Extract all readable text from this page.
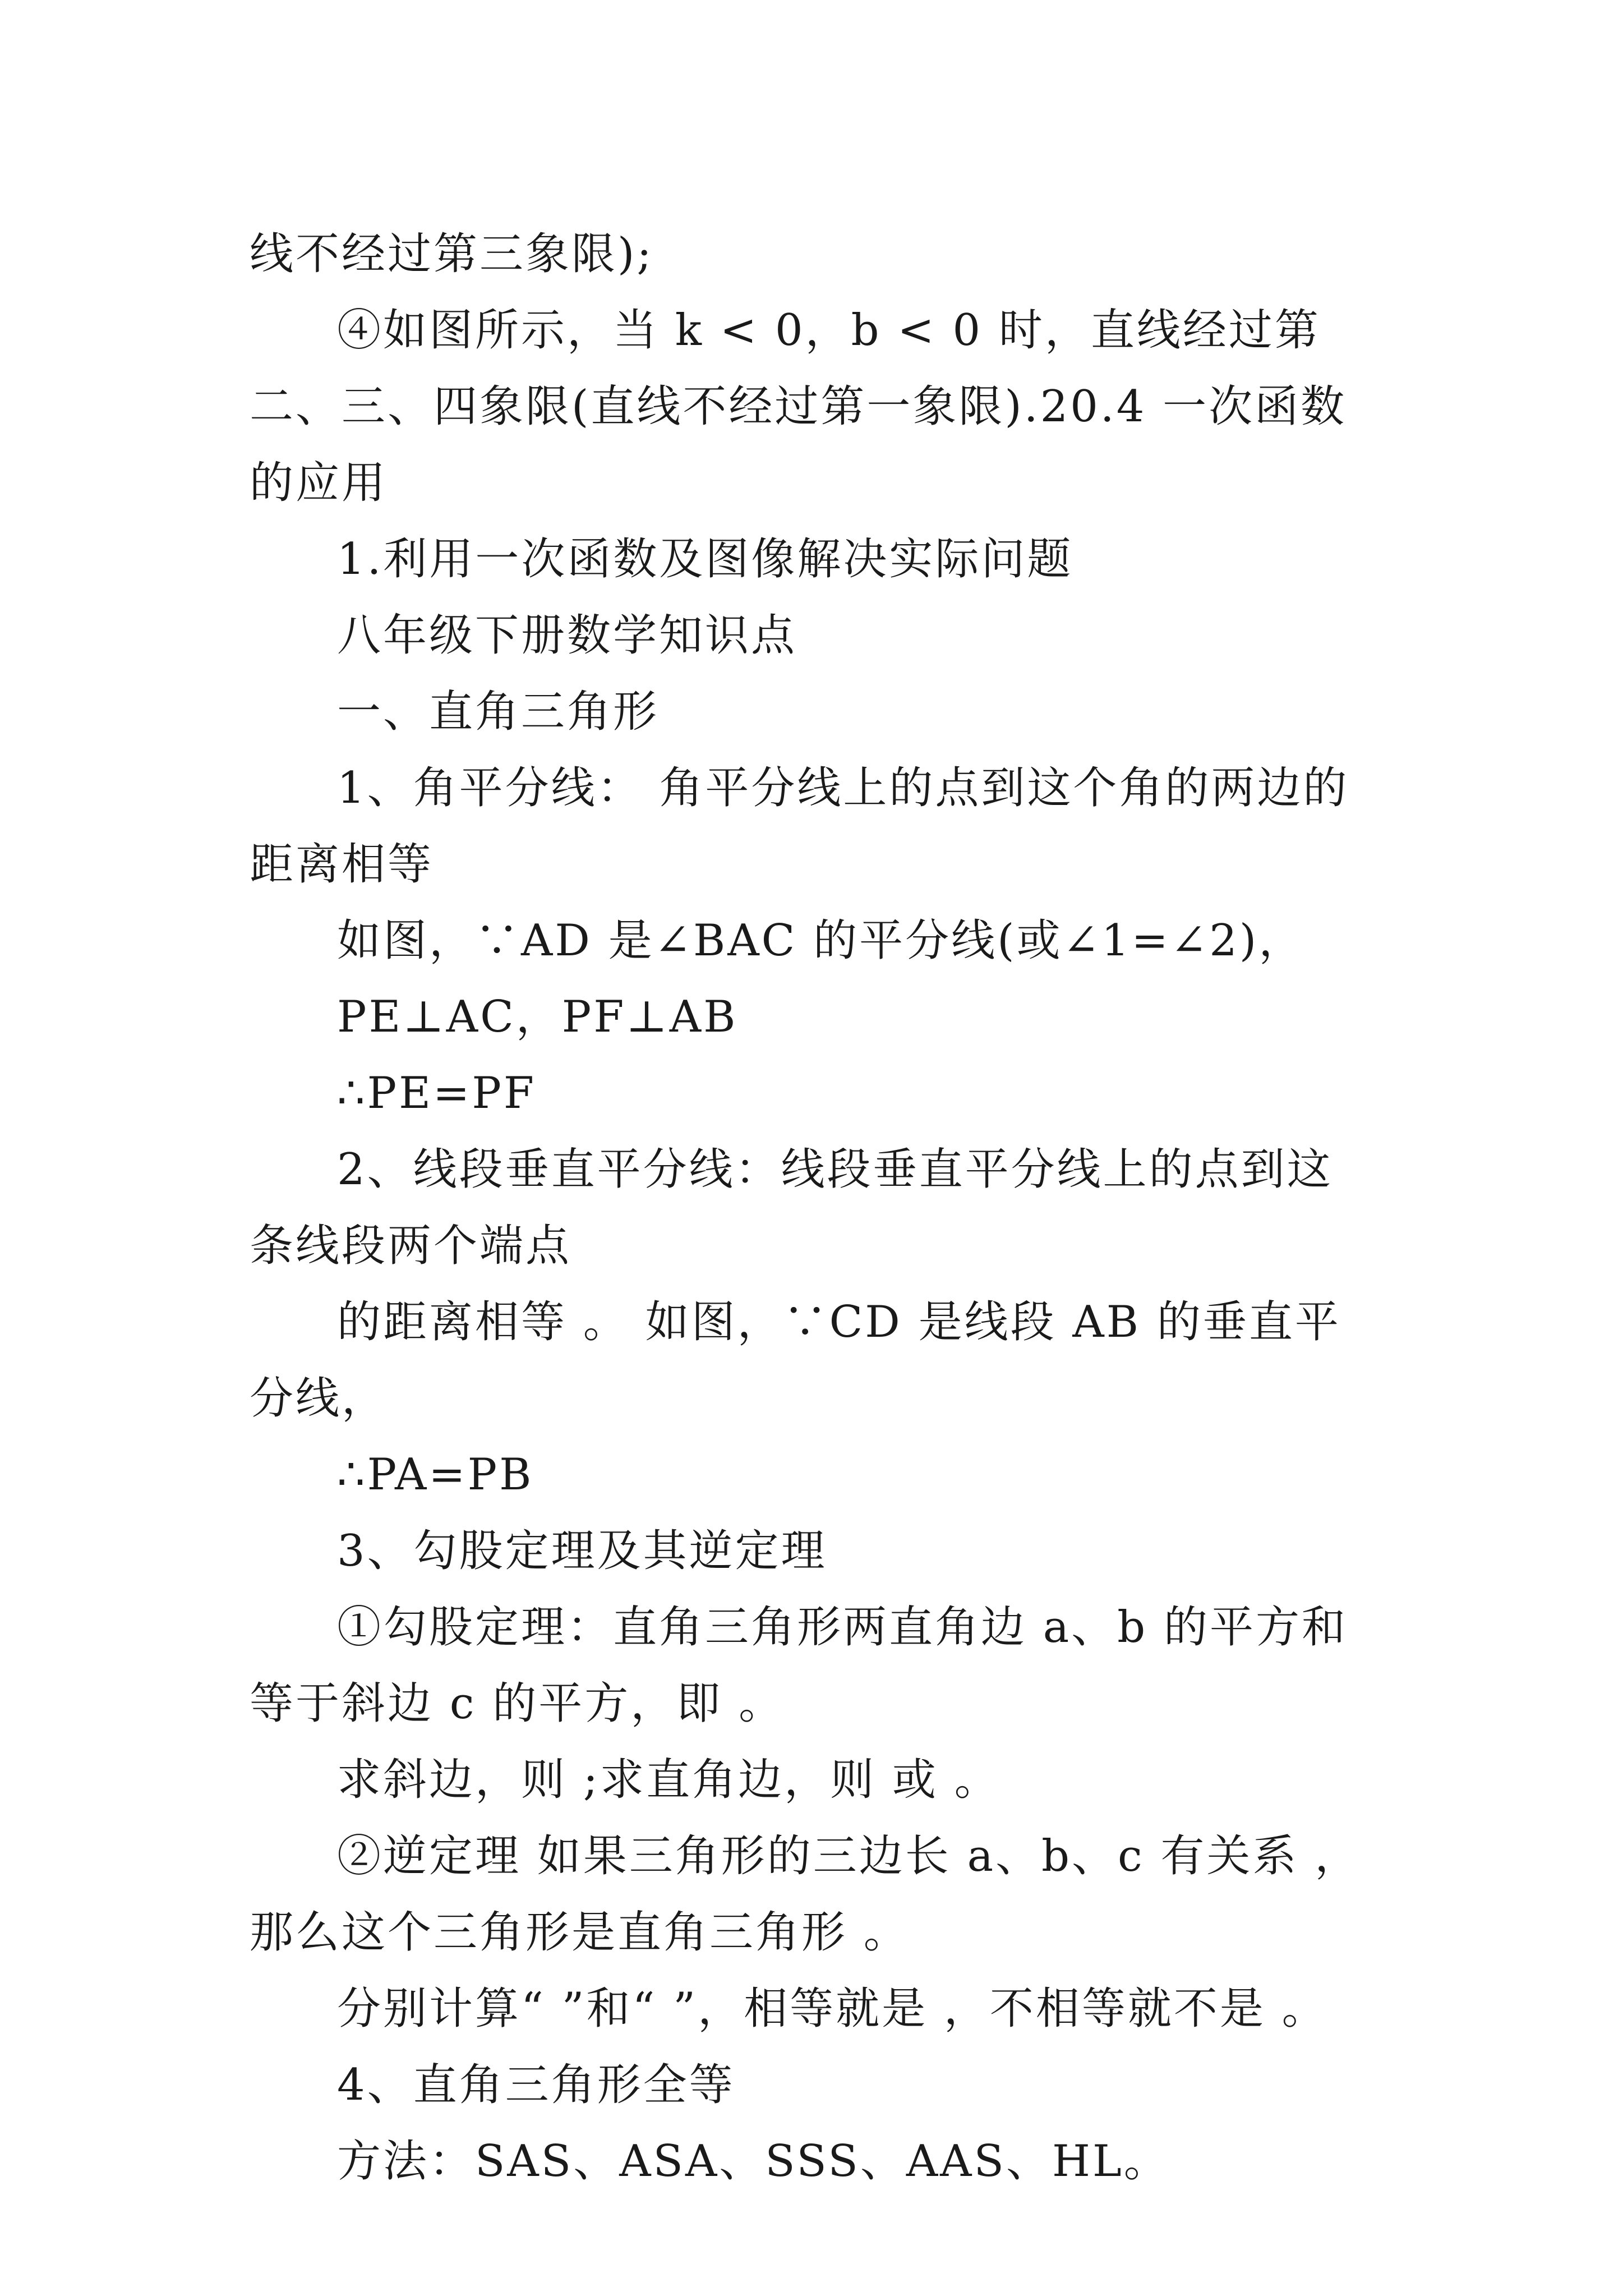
线不经过第三象限);

④如图所示，当 k < 0，b < 0 时，直线经过第二、三、四象限(直线不经过第一象限).20.4 一次函数的应用

1.利用一次函数及图像解决实际问题

八年级下册数学知识点

一、直角三角形

1、角平分线： 角平分线上的点到这个角的两边的距离相等

如图，∵AD 是∠BAC 的平分线(或∠1=∠2)，

PE⊥AC，PF⊥AB

∴PE=PF

2、线段垂直平分线：线段垂直平分线上的点到这条线段两个端点

的距离相等 。 如图，∵CD 是线段 AB 的垂直平分线，

∴PA=PB

3、勾股定理及其逆定理

①勾股定理：直角三角形两直角边 a、b 的平方和等于斜边 c 的平方，即 。

求斜边，则 ;求直角边，则 或 。

②逆定理 如果三角形的三边长 a、b、c 有关系 ，那么这个三角形是直角三角形 。

分别计算“ ”和“ ”，相等就是 ，不相等就不是 。

4、直角三角形全等

方法：SAS、ASA、SSS、AAS、HL。
